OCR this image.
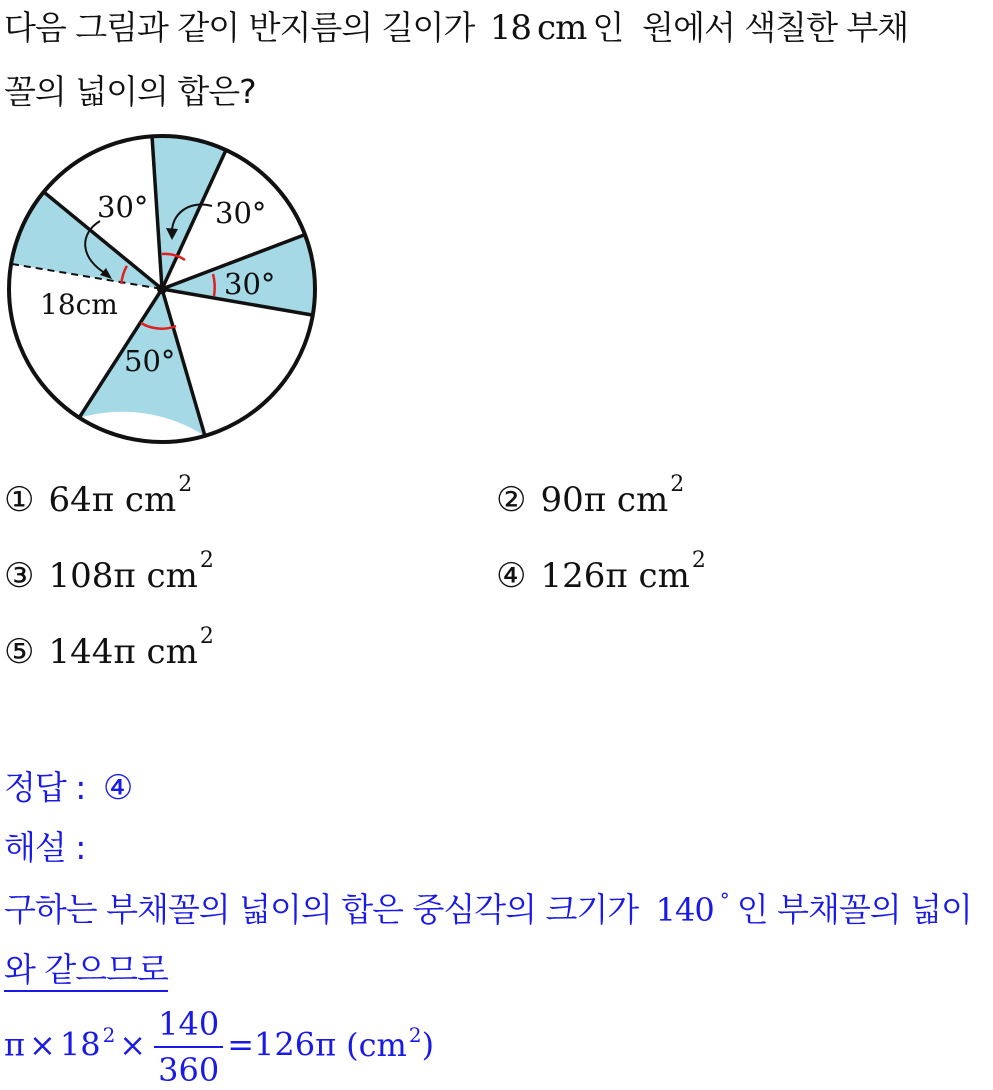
다음 그림과 같이 반지름의 길이가 18 cm 인  원에서 색칠한 부채
꼴의 넓이의 합은?
18cm
30° 30°
30°
50°
① 64π $cm^2$	② 90π $cm^2$
③ 108π $cm^2$	④ 126π $cm^2$
⑤ 144π $cm^2$
정답 : ④
해설 :
구하는 부채꼴의 넓이의 합은 중심각의 크기가 140 ° 인 부채꼴의 넓이
와 같으므로
π × 18 $^2 \times \frac{140}{360} =126\pi$ (cm $^2$)
